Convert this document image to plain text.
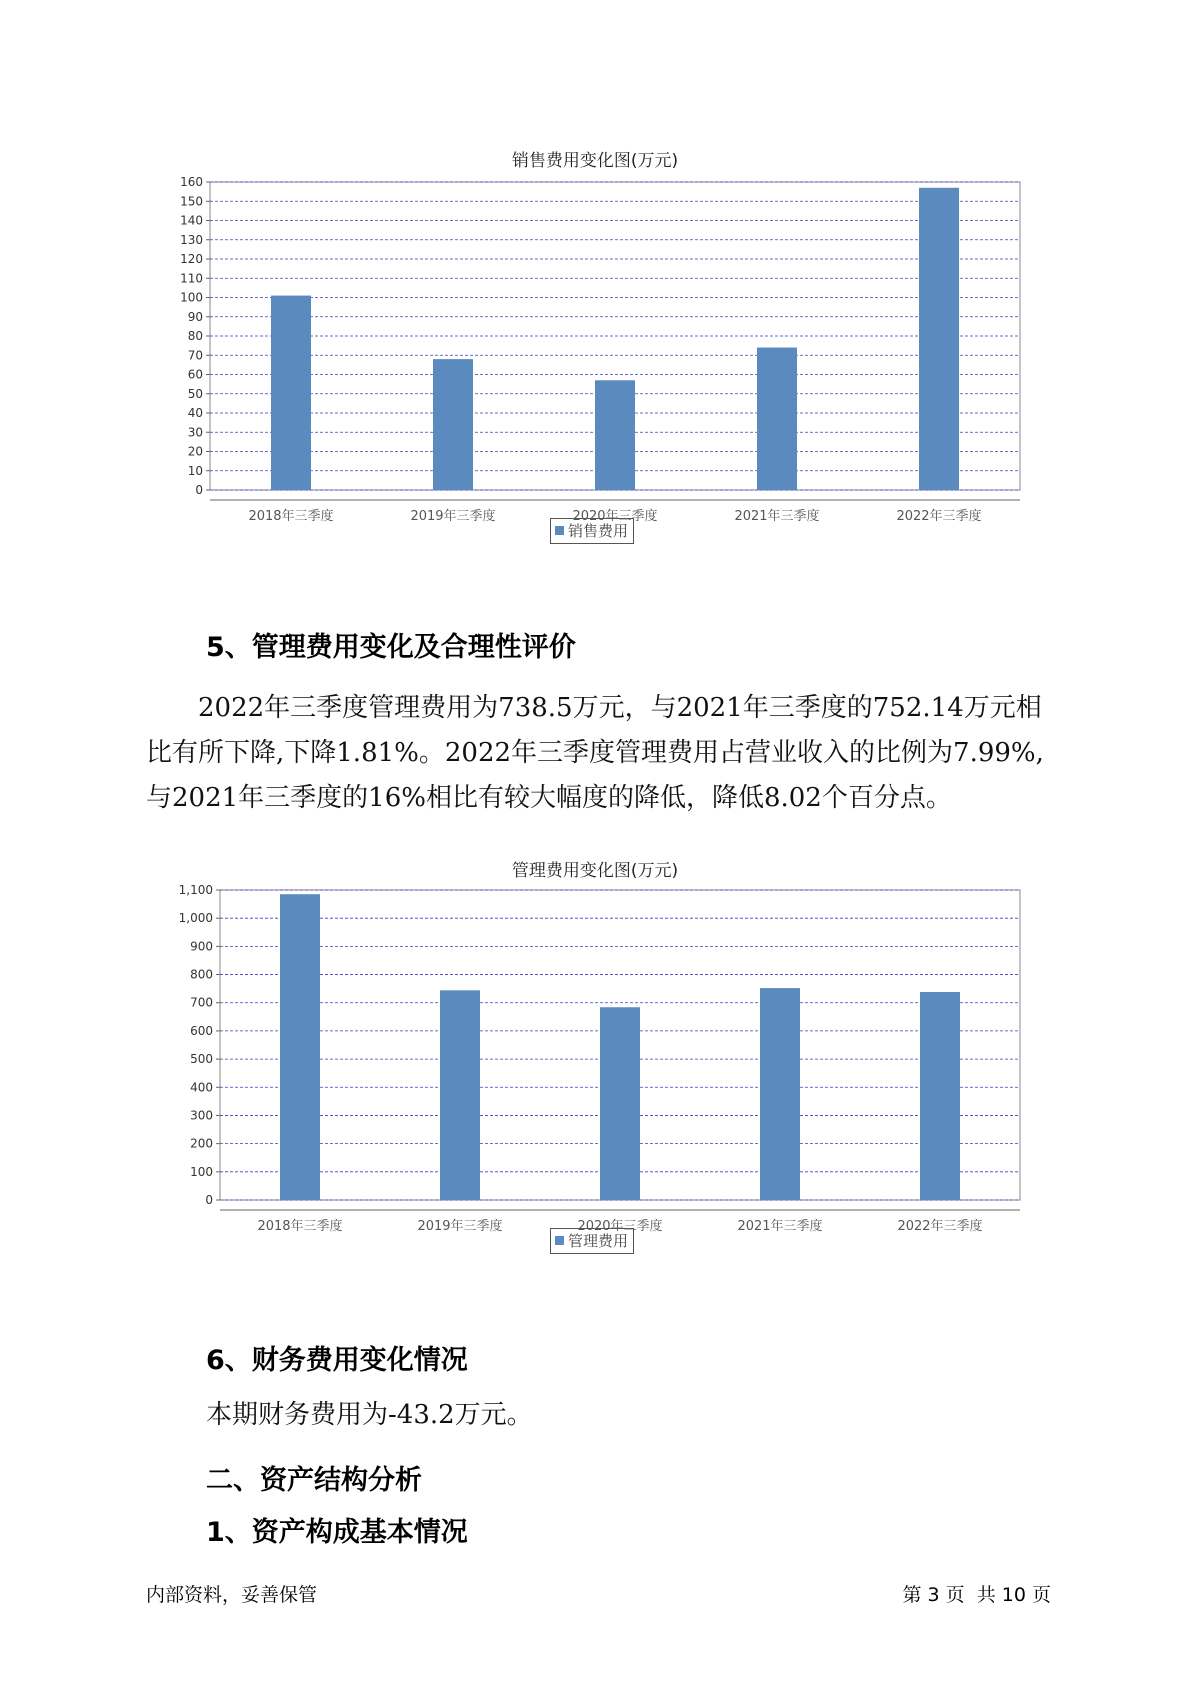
销售费用变化图(万元)
0
10
20
30
40
50
60
70
80
90
100
110
120
130
140
150
160
2018年三季度	2019年三季度	2020年三季度	2021年三季度	2022年三季度
销售费用
5、管理费用变化及合理性评价

2022年三季度管理费用为738.5万元，与2021年三季度的752.14万元相
比有所下降,下降1.81%。2022年三季度管理费用占营业收入的比例为7.99%,
与2021年三季度的16%相比有较大幅度的降低，降低8.02个百分点。

管理费用变化图(万元)
0
100
200
300
400
500
600
700
800
900
1,000
1,100
2018年三季度	2019年三季度	2020年三季度	2021年三季度	2022年三季度
管理费用
6、财务费用变化情况

本期财务费用为-43.2万元。

二、资产结构分析
1、资产构成基本情况
内部资料，妥善保管	第 3 页  共 10 页
